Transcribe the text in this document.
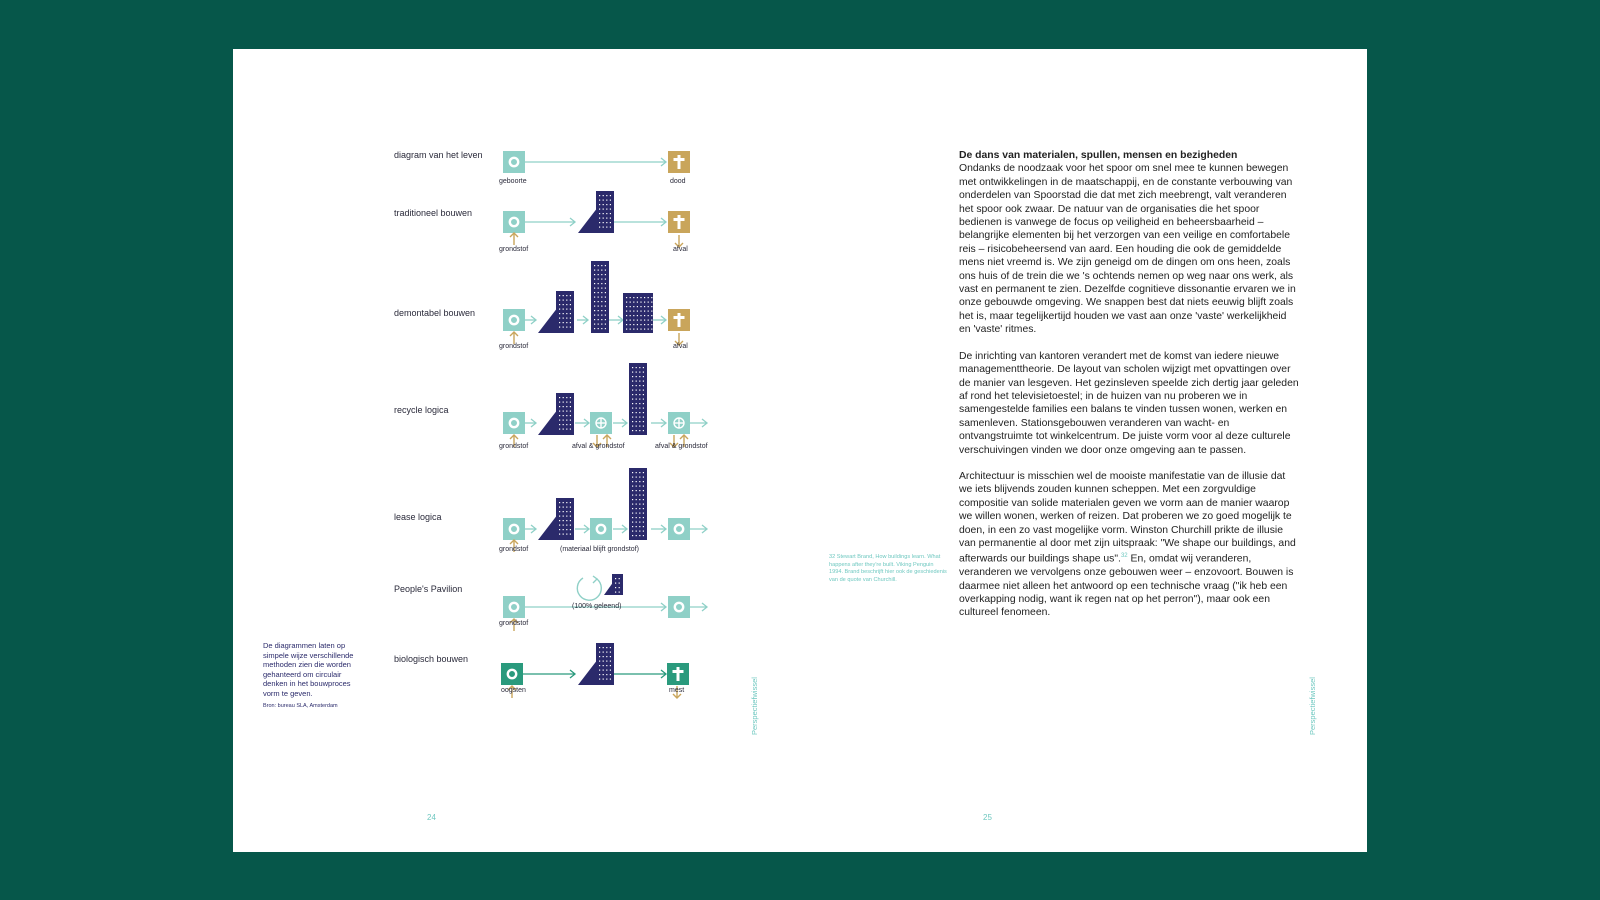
diagram van het leven
traditioneel bouwen
demontabel bouwen
recycle logica
lease logica
People's Pavilion
biologisch bouwen
geboorte	dood
grondstof	afval
grondstof	afval
grondstof	afval & grondstof	afval & grondstof
grondstof	(materiaal blijft grondstof)
grondstof
(100% geleend)
oogsten	mest
De diagrammen laten op simpele wijze verschillende methoden zien die worden gehanteerd om circulair denken in het bouwproces vorm te geven.
Bron: bureau SLA, Amsterdam	Perspectiefwissel	Perspectiefwissel
24	25
32 Stewart Brand, How buildings learn. What happens after they're built. Viking Penguin 1994. Brand beschrijft hier ook de geschiedenis van de quote van Churchill.
De dans van materialen, spullen, mensen en bezigheden

Ondanks de noodzaak voor het spoor om snel mee te kunnen bewegen met ontwikkelingen in de maatschappij, en de constante verbouwing van onderdelen van Spoorstad die dat met zich meebrengt, valt veranderen het spoor ook zwaar. De natuur van de organisaties die het spoor bedienen is vanwege de focus op veiligheid en beheersbaarheid – belangrijke elementen bij het verzorgen van een veilige en comfortabele reis – risicobeheersend van aard. Een houding die ook de gemiddelde mens niet vreemd is. We zijn geneigd om de dingen om ons heen, zoals ons huis of de trein die we 's ochtends nemen op weg naar ons werk, als vast en permanent te zien. Dezelfde cognitieve dissonantie ervaren we in onze gebouwde omgeving. We snappen best dat niets eeuwig blijft zoals het is, maar tegelijkertijd houden we vast aan onze 'vaste' werkelijkheid en 'vaste' ritmes.

De inrichting van kantoren verandert met de komst van iedere nieuwe managementtheorie. De layout van scholen wijzigt met opvattingen over de manier van lesgeven. Het gezinsleven speelde zich dertig jaar geleden af rond het televisietoestel; in de huizen van nu proberen we in samengestelde families een balans te vinden tussen wonen, werken en samenleven. Stationsgebouwen veranderen van wacht- en ontvangstruimte tot winkelcentrum. De juiste vorm voor al deze culturele verschuivingen vinden we door onze omgeving aan te passen.

Architectuur is misschien wel de mooiste manifestatie van de illusie dat we iets blijvends zouden kunnen scheppen. Met een zorgvuldige compositie van solide materialen geven we vorm aan de manier waarop we willen wonen, werken of reizen. Dat proberen we zo goed mogelijk te doen, in een zo vast mogelijke vorm. Winston Churchill prikte de illusie van permanentie al door met zijn uitspraak: "We shape our buildings, and afterwards our buildings shape us".$^{32}$ En, omdat wij veranderen, veranderen we vervolgens onze gebouwen weer – enzovoort. Bouwen is daarmee niet alleen het antwoord op een technische vraag ("ik heb een overkapping nodig, want ik regen nat op het perron"), maar ook een cultureel fenomeen.
